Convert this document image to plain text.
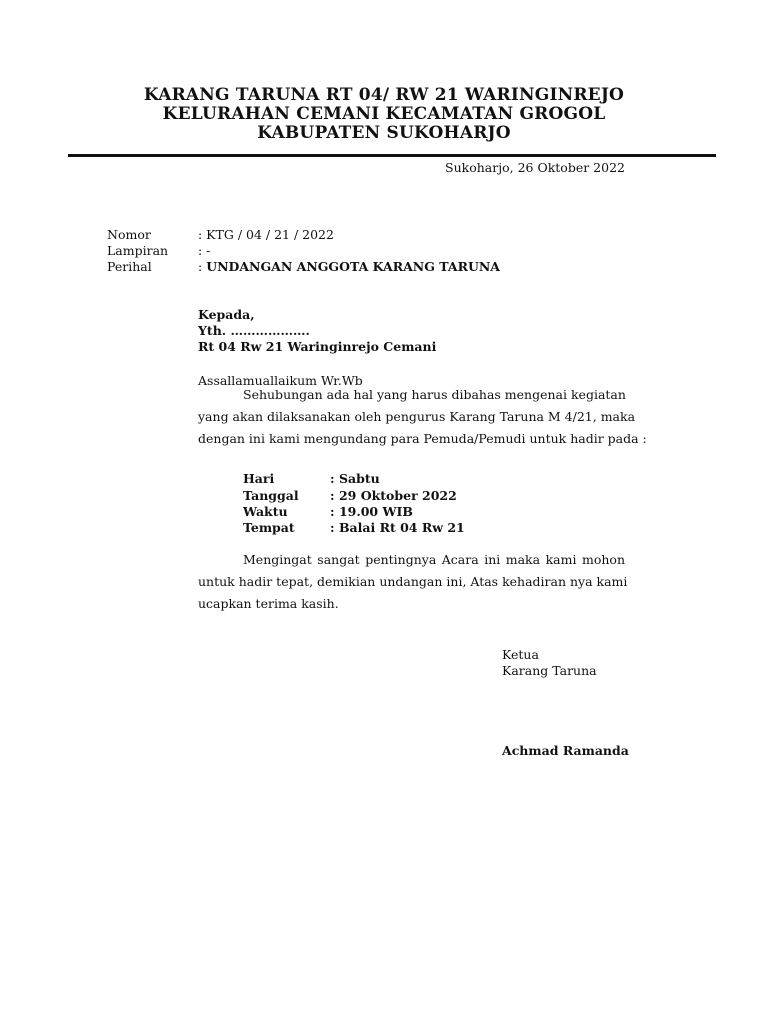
KARANG TARUNA RT 04/ RW 21 WARINGINREJO
KELURAHAN CEMANI KECAMATAN GROGOL
KABUPATEN SUKOHARJO
Sukoharjo, 26 Oktober 2022
Nomor	: KTG / 04 / 21 / 2022
Lampiran : -
Perihal	: UNDANGAN ANGGOTA KARANG TARUNA
Kepada,
Yth. ……………….
Rt 04 Rw 21 Waringinrejo Cemani
Assallamuallaikum Wr.Wb
Sehubungan ada hal yang harus dibahas mengenai kegiatan
yang akan dilaksanakan oleh pengurus Karang Taruna M 4/21, maka
dengan ini kami mengundang para Pemuda/Pemudi untuk hadir pada :
Hari	: Sabtu
Tanggal	: 29 Oktober 2022
Waktu	: 19.00 WIB
Tempat	: Balai Rt 04 Rw 21
Mengingat sangat pentingnya Acara ini maka kami mohon
untuk hadir tepat, demikian undangan ini, Atas kehadiran nya kami
ucapkan terima kasih.
Ketua
Karang Taruna
Achmad Ramanda
